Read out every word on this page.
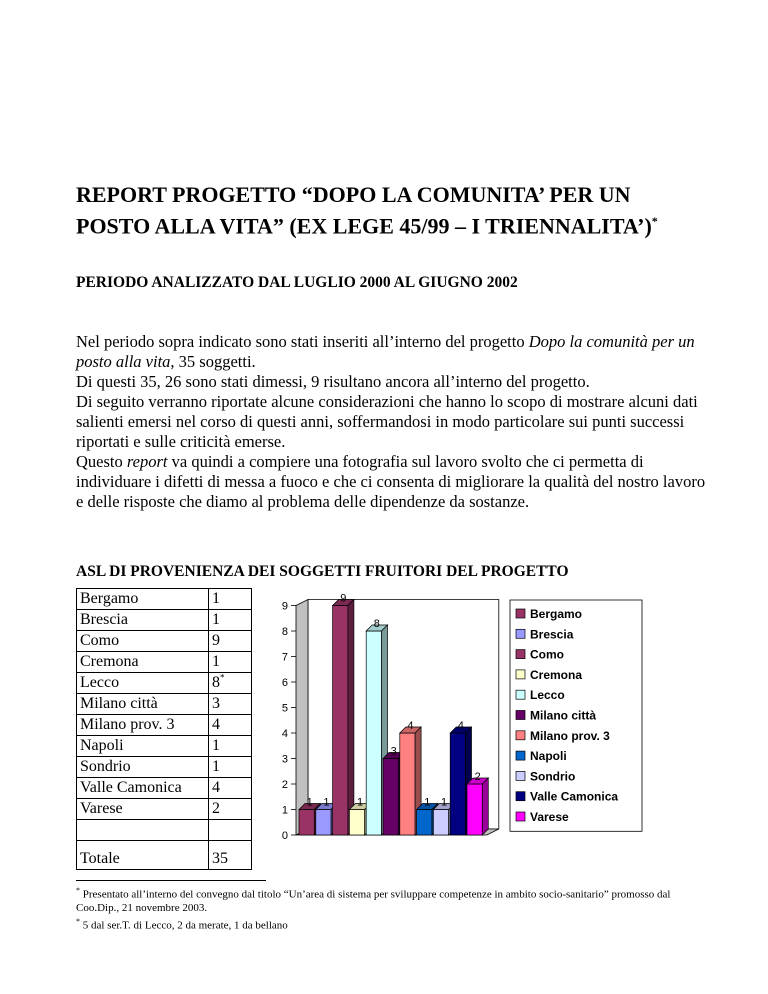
REPORT PROGETTO “DOPO LA COMUNITA’ PER UN POSTO ALLA VITA” (EX LEGE 45/99 – I TRIENNALITA’)*

PERIODO ANALIZZATO DAL LUGLIO 2000 AL GIUGNO 2002

Nel periodo sopra indicato sono stati inseriti all’interno del progetto Dopo la comunità per un posto alla vita, 35 soggetti.

Di questi 35, 26 sono stati dimessi, 9 risultano ancora all’interno del progetto.

Di seguito verranno riportate alcune considerazioni che hanno lo scopo di mostrare alcuni dati salienti emersi nel corso di questi anni, soffermandosi in modo particolare sui punti successi riportati e sulle criticità emerse.

Questo report va quindi a compiere una fotografia sul lavoro svolto che ci permetta di individuare i difetti di messa a fuoco e che ci consenta di migliorare la qualità del nostro lavoro e delle risposte che diamo al problema delle dipendenze da sostanze.

ASL DI PROVENIENZA DEI SOGGETTI FRUITORI DEL PROGETTO

Bergamo	1
Brescia	1
Como	9
Cremona	1
Lecco	8*
Milano città	3
Milano prov. 3	4
Napoli	1
Sondrio	1
Valle Camonica	4
Varese	2

Totale	35
0
1
2
3
4
5
6
7
8
9
1 1
9
1
8
3
4
1 1
4
2
Bergamo
Brescia
Como
Cremona
Lecco
Milano città
Milano prov. 3
Napoli
Sondrio
Valle Camonica
Varese

* Presentato all’interno del convegno dal titolo “Un’area di sistema per sviluppare competenze in ambito socio-sanitario” promosso dal Coo.Dip., 21 novembre 2003.

* 5 dal ser.T. di Lecco, 2 da merate, 1 da bellano
